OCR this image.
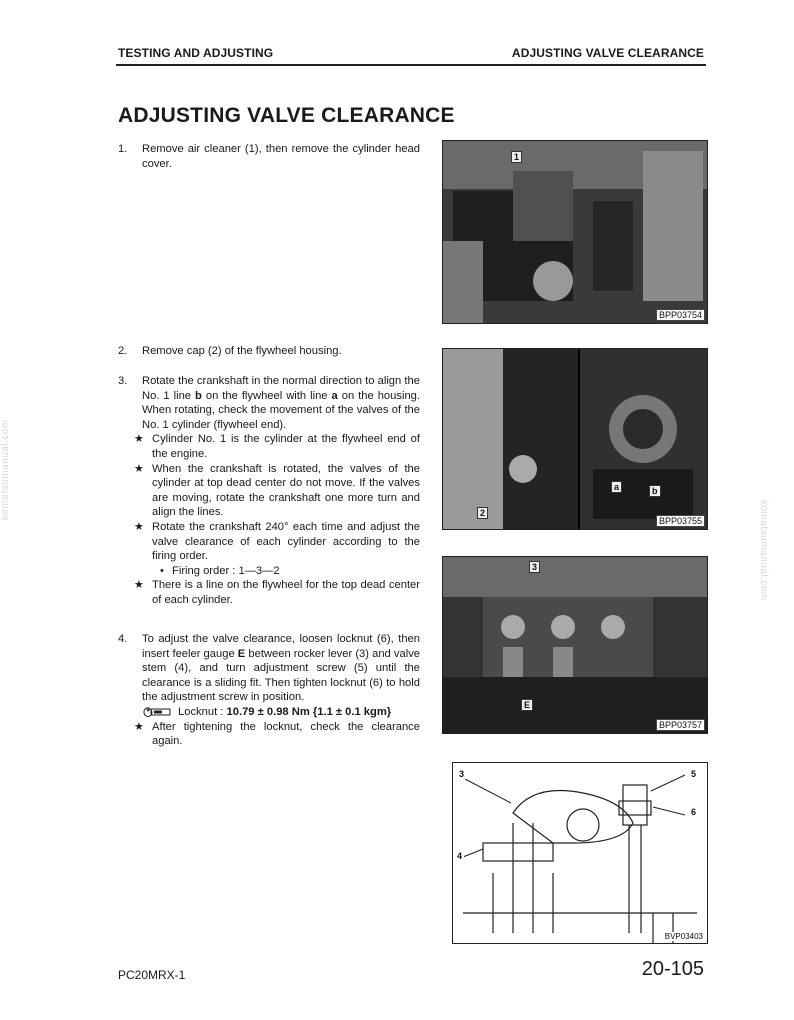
TESTING AND ADJUSTING	ADJUSTING VALVE CLEARANCE
komatsumanual.com
komatsumanual.com
ADJUSTING VALVE CLEARANCE
1. Remove air cleaner (1), then remove the cylinder head cover.
2. Remove cap (2) of the flywheel housing.
3. Rotate the crankshaft in the normal direction to align the No. 1 line b on the flywheel with line a on the housing. When rotating, check the movement of the valves of the No. 1 cylinder (flywheel end).
★ Cylinder No. 1 is the cylinder at the flywheel end of the engine.
★ When the crankshaft is rotated, the valves of the cylinder at top dead center do not move. If the valves are moving, rotate the crankshaft one more turn and align the lines.
★ Rotate the crankshaft 240° each time and adjust the valve clearance of each cylinder according to the firing order.
• Firing order : 1—3—2
★ There is a line on the flywheel for the top dead center of each cylinder.
4. To adjust the valve clearance, loosen locknut (6), then insert feeler gauge E between rocker lever (3) and valve stem (4), and turn adjustment screw (5) until the clearance is a sliding fit. Then tighten locknut (6) to hold the adjustment screw in position.
Locknut : 10.79 ± 0.98 Nm {1.1 ± 0.1 kgm}
★ After tightening the locknut, check the clearance again.
1
BPP03754
2
a	b
BPP03755
3
E
BPP03757
3	5
6
4
BVP03403
PC20MRX-1	20-105
